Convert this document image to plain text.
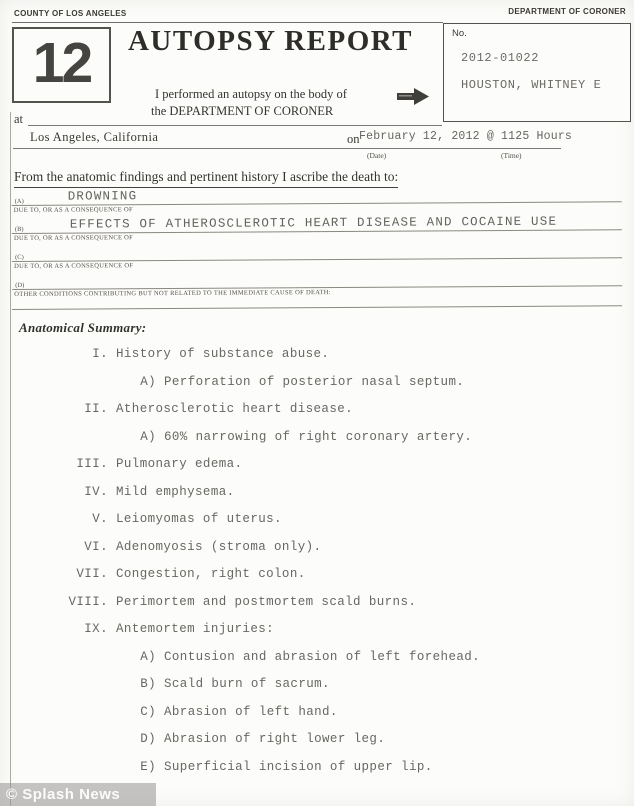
COUNTY OF LOS ANGELES	DEPARTMENT OF CORONER
12	AUTOPSY REPORT	No.
2012-01022
HOUSTON, WHITNEY E
I performed an autopsy on the body of
the DEPARTMENT OF CORONER
at
Los Angeles, California	on February 12, 2012 @ 1125 Hours
(Date)	(Time)
From the anatomic findings and pertinent history I ascribe the death to:
(A)	DROWNING
DUE TO, OR AS A CONSEQUENCE OF
(B)	EFFECTS OF ATHEROSCLEROTIC HEART DISEASE AND COCAINE USE
DUE TO, OR AS A CONSEQUENCE OF
(C)
DUE TO, OR AS A CONSEQUENCE OF
(D)
OTHER CONDITIONS CONTRIBUTING BUT NOT RELATED TO THE IMMEDIATE CAUSE OF DEATH:
Anatomical Summary:
I. History of substance abuse.
A) Perforation of posterior nasal septum.
II. Atherosclerotic heart disease.
A) 60% narrowing of right coronary artery.
III. Pulmonary edema.
IV. Mild emphysema.
V. Leiomyomas of uterus.
VI. Adenomyosis (stroma only).
VII. Congestion, right colon.
VIII. Perimortem and postmortem scald burns.
IX. Antemortem injuries:
A) Contusion and abrasion of left forehead.
B) Scald burn of sacrum.
C) Abrasion of left hand.
D) Abrasion of right lower leg.
E) Superficial incision of upper lip.
© Splash News
